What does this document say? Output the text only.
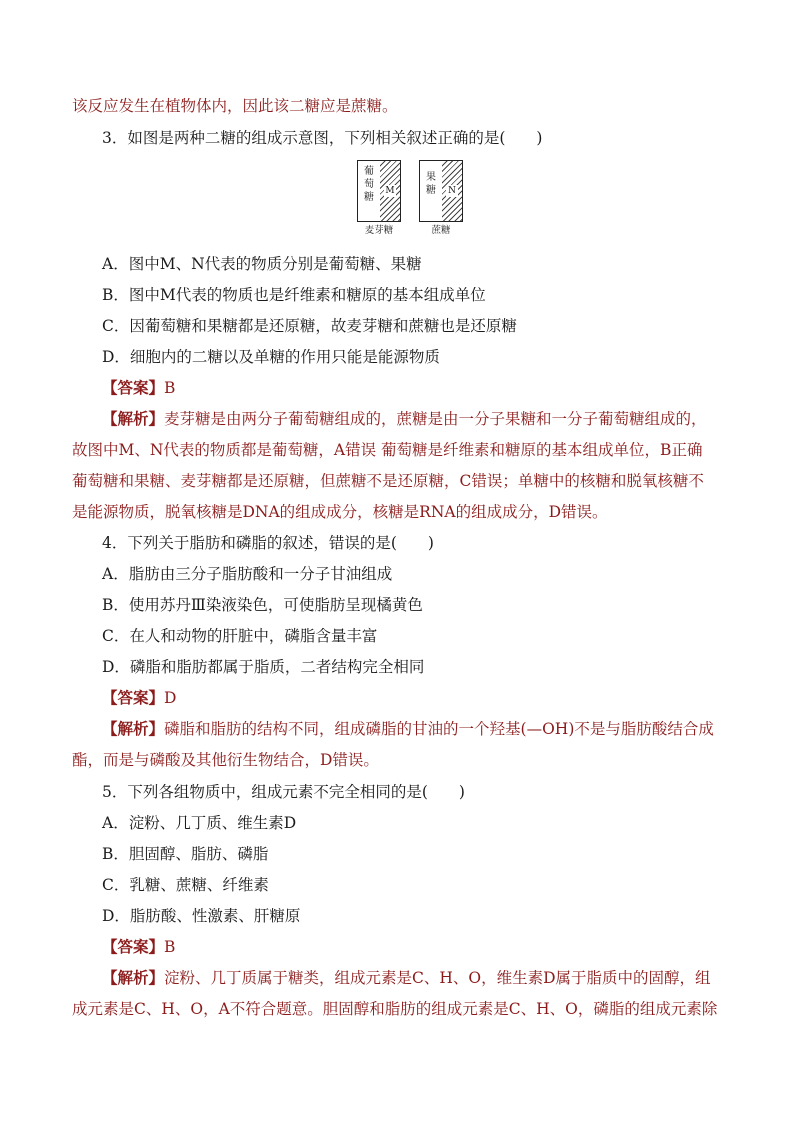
该反应发生在植物体内，因此该二糖应是蔗糖。
3．如图是两种二糖的组成示意图，下列相关叙述正确的是(　　)
葡萄糖
M
麦芽糖
果糖	N
蔗糖
A．图中M、N代表的物质分别是葡萄糖、果糖
B．图中M代表的物质也是纤维素和糖原的基本组成单位
C．因葡萄糖和果糖都是还原糖，故麦芽糖和蔗糖也是还原糖
D．细胞内的二糖以及单糖的作用只能是能源物质
【答案】B
【解析】麦芽糖是由两分子葡萄糖组成的，蔗糖是由一分子果糖和一分子葡萄糖组成的，
故图中M、N代表的物质都是葡萄糖，A错误 葡萄糖是纤维素和糖原的基本组成单位，B正确
葡萄糖和果糖、麦芽糖都是还原糖，但蔗糖不是还原糖，C错误；单糖中的核糖和脱氧核糖不
是能源物质，脱氧核糖是DNA的组成成分，核糖是RNA的组成成分，D错误。
4．下列关于脂肪和磷脂的叙述，错误的是(　　)
A．脂肪由三分子脂肪酸和一分子甘油组成
B．使用苏丹Ⅲ染液染色，可使脂肪呈现橘黄色
C．在人和动物的肝脏中，磷脂含量丰富
D．磷脂和脂肪都属于脂质，二者结构完全相同
【答案】D
【解析】磷脂和脂肪的结构不同，组成磷脂的甘油的一个羟基(—OH)不是与脂肪酸结合成
酯，而是与磷酸及其他衍生物结合，D错误。
5．下列各组物质中，组成元素不完全相同的是(　　)
A．淀粉、几丁质、维生素D
B．胆固醇、脂肪、磷脂
C．乳糖、蔗糖、纤维素
D．脂肪酸、性激素、肝糖原
【答案】B
【解析】淀粉、几丁质属于糖类，组成元素是C、H、O，维生素D属于脂质中的固醇，组
成元素是C、H、O，A不符合题意。胆固醇和脂肪的组成元素是C、H、O，磷脂的组成元素除
